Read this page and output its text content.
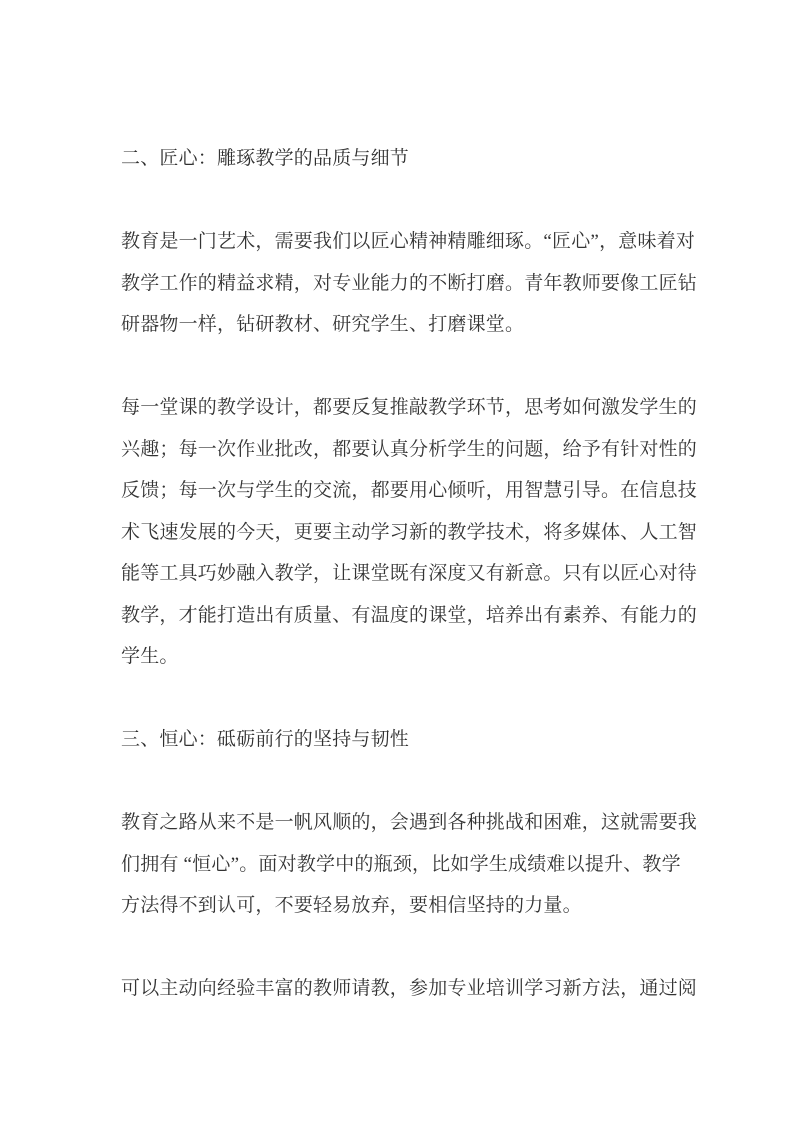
二、匠心：雕琢教学的品质与细节
教育是一门艺术，需要我们以匠心精神精雕细琢。“匠心”，意味着对
教学工作的精益求精，对专业能力的不断打磨。青年教师要像工匠钻
研器物一样，钻研教材、研究学生、打磨课堂。
每一堂课的教学设计，都要反复推敲教学环节，思考如何激发学生的
兴趣；每一次作业批改，都要认真分析学生的问题，给予有针对性的
反馈；每一次与学生的交流，都要用心倾听，用智慧引导。在信息技
术飞速发展的今天，更要主动学习新的教学技术，将多媒体、人工智
能等工具巧妙融入教学，让课堂既有深度又有新意。只有以匠心对待
教学，才能打造出有质量、有温度的课堂，培养出有素养、有能力的
学生。
三、恒心：砥砺前行的坚持与韧性
教育之路从来不是一帆风顺的，会遇到各种挑战和困难，这就需要我
们拥有 “恒心”。面对教学中的瓶颈，比如学生成绩难以提升、教学
方法得不到认可，不要轻易放弃，要相信坚持的力量。
可以主动向经验丰富的教师请教，参加专业培训学习新方法，通过阅
